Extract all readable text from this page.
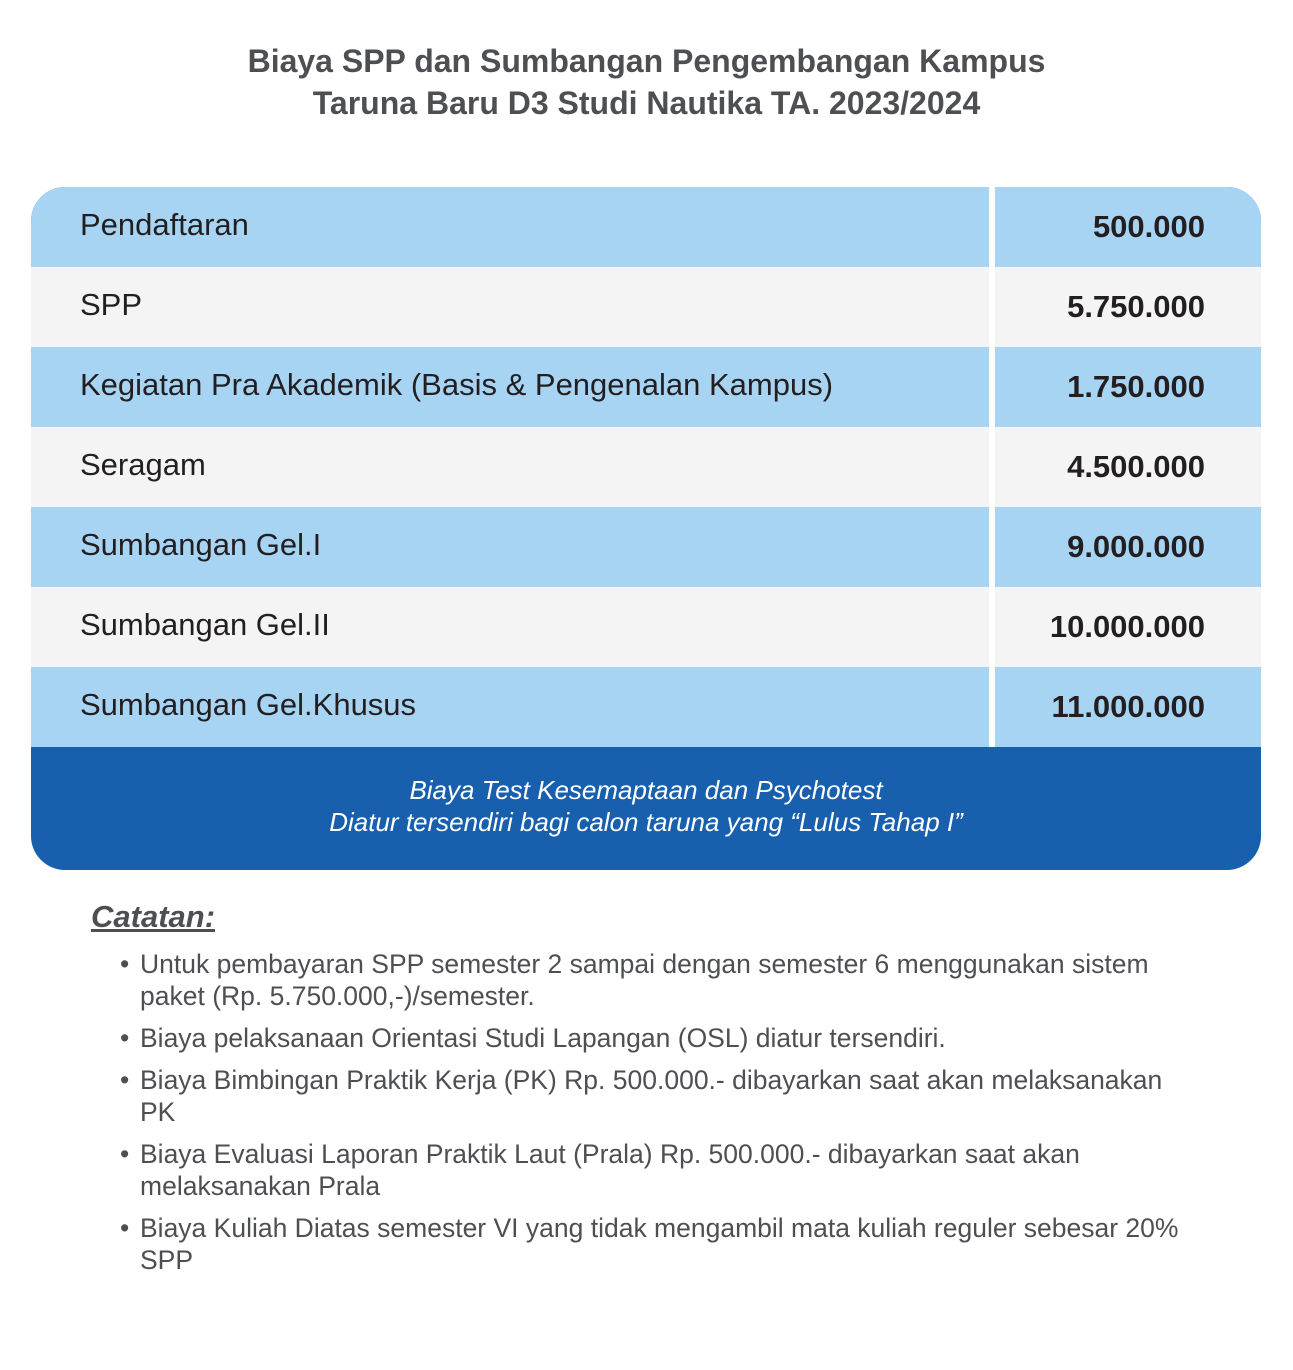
Biaya SPP dan Sumbangan Pengembangan Kampus
Taruna Baru D3 Studi Nautika TA. 2023/2024
Pendaftaran	500.000
SPP	5.750.000
Kegiatan Pra Akademik (Basis & Pengenalan Kampus)	1.750.000
Seragam	4.500.000
Sumbangan Gel.I	9.000.000
Sumbangan Gel.II	10.000.000
Sumbangan Gel.Khusus	11.000.000
Biaya Test Kesemaptaan dan Psychotest
Diatur tersendiri bagi calon taruna yang “Lulus Tahap I”
Catatan:
• Untuk pembayaran SPP semester 2 sampai dengan semester 6 menggunakan sistem paket (Rp. 5.750.000,-)/semester.
• Biaya pelaksanaan Orientasi Studi Lapangan (OSL) diatur tersendiri.
• Biaya Bimbingan Praktik Kerja (PK) Rp. 500.000.- dibayarkan saat akan melaksanakan PK
• Biaya Evaluasi Laporan Praktik Laut (Prala) Rp. 500.000.- dibayarkan saat akan melaksanakan Prala
• Biaya Kuliah Diatas semester VI yang tidak mengambil mata kuliah reguler sebesar 20% SPP
